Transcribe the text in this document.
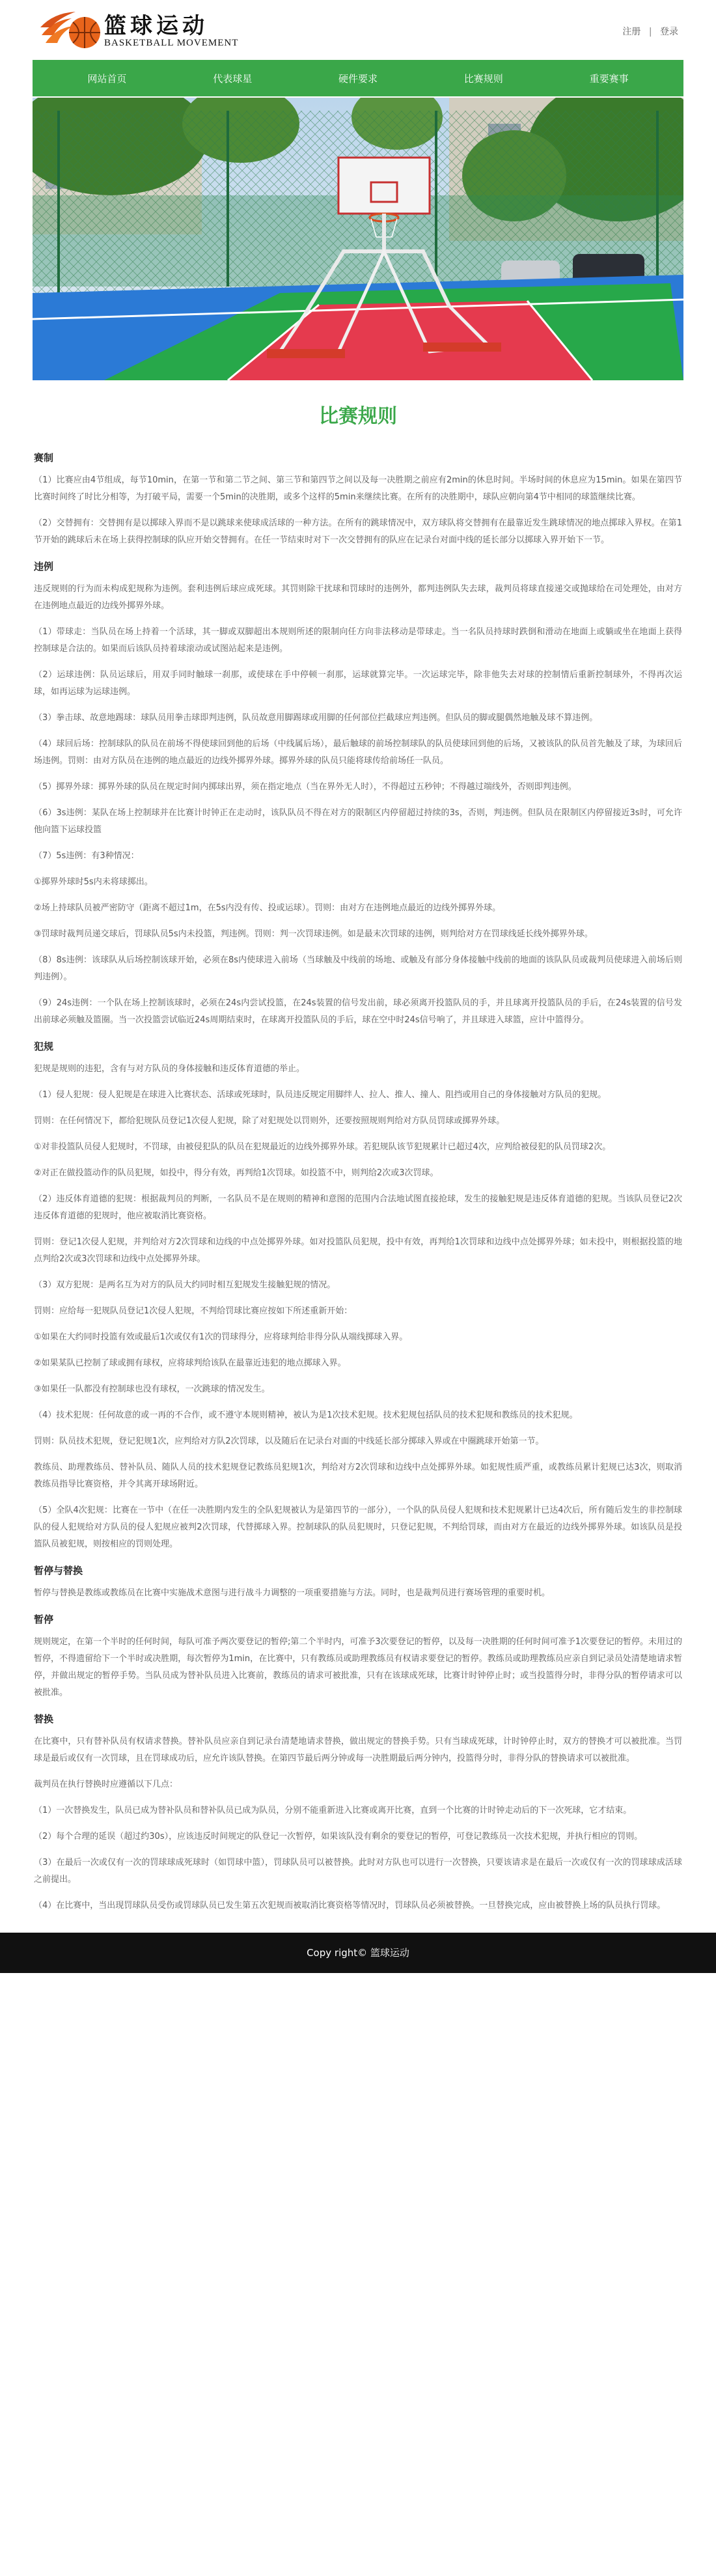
篮球运动
BASKETBALL MOVEMENT
注册 | 登录
网站首页	代表球星	硬件要求	比赛规则	重要赛事
比赛规则
赛制

（1）比赛应由4节组成，每节10min，在第一节和第二节之间、第三节和第四节之间以及每一决胜期之前应有2min的休息时间。半场时间的休息应为15min。如果在第四节比赛时间终了时比分相等，为打破平局，需要一个5min的决胜期，或多个这样的5min来继续比赛。在所有的决胜期中，球队应朝向第4节中相同的球篮继续比赛。

（2）交替拥有：交替拥有是以掷球入界而不是以跳球来使球成活球的一种方法。在所有的跳球情况中，双方球队将交替拥有在最靠近发生跳球情况的地点掷球入界权。在第1节开始的跳球后未在场上获得控制球的队应开始交替拥有。在任一节结束时对下一次交替拥有的队应在记录台对面中线的延长部分以掷球入界开始下一节。

违例

违反规则的行为而未构成犯规称为违例。套利违例后球应成死球。其罚则除干扰球和罚球时的违例外，都判违例队失去球，裁判员将球直接递交或抛球给在司处理处，由对方在违例地点最近的边线外掷界外球。

（1）带球走：当队员在场上持着一个活球，其一脚或双脚超出本规则所述的限制向任方向非法移动是带球走。当一名队员持球时跌倒和滑动在地面上或躺或坐在地面上获得控制球是合法的。如果而后该队员持着球滚动或试图站起来是违例。

（2）运球违例：队员运球后，用双手同时触球一刹那，或使球在手中停顿一刹那，运球就算完毕。一次运球完毕，除非他失去对球的控制情后重新控制球外，不得再次运球，如再运球为运球违例。

（3）拳击球、故意地踢球：球队员用拳击球即判违例，队员故意用脚踢球或用脚的任何部位拦截球应判违例。但队员的脚或腿偶然地触及球不算违例。

（4）球回后场：控制球队的队员在前场不得使球回到他的后场（中线属后场），最后触球的前场控制球队的队员使球回到他的后场，又被该队的队员首先触及了球，为球回后场违例。罚则：由对方队员在违例的地点最近的边线外掷界外球。掷界外球的队员只能将球传给前场任一队员。

（5）掷界外球：掷界外球的队员在规定时间内掷球出界，须在指定地点（当在界外无人时），不得超过五秒钟；不得越过端线外，否则即判违例。

（6）3s违例：某队在场上控制球并在比赛计时钟正在走动时，该队队员不得在对方的限制区内停留超过持续的3s，否则，判违例。但队员在限制区内停留接近3s时，可允许他向篮下运球投篮

（7）5s违例：有3种情况：

①掷界外球时5s内未将球掷出。

②场上持球队员被严密防守（距离不超过1m，在5s内没有传、投或运球）。罚则：由对方在违例地点最近的边线外掷界外球。

③罚球时裁判员递交球后，罚球队员5s内未投篮，判违例。罚则：判一次罚球违例。如是最末次罚球的违例，则判给对方在罚球线延长线外掷界外球。

（8）8s违例：该球队从后场控制该球开始，必须在8s内使球进入前场（当球触及中线前的场地、或触及有部分身体接触中线前的地面的该队队员或裁判员使球进入前场后则判违例）。

（9）24s违例：一个队在场上控制该球时，必须在24s内尝试投篮，在24s装置的信号发出前，球必须离开投篮队员的手，并且球离开投篮队员的手后，在24s装置的信号发出前球必须触及篮圈。当一次投篮尝试临近24s周期结束时，在球离开投篮队员的手后，球在空中时24s信号响了，并且球进入球篮，应计中篮得分。

犯规

犯规是规则的违犯，含有与对方队员的身体接触和违反体育道德的举止。

（1）侵人犯规：侵人犯规是在球进入比赛状态、活球或死球时，队员违反规定用脚绊人、拉人、推人、撞人、阻挡或用自己的身体接触对方队员的犯规。

罚则：在任何情况下，都给犯规队员登记1次侵人犯规，除了对犯规处以罚则外，还要按照规则判给对方队员罚球或掷界外球。

①对非投篮队员侵人犯规时，不罚球，由被侵犯队的队员在犯规最近的边线外掷界外球。若犯规队该节犯规累计已超过4次，应判给被侵犯的队员罚球2次。

②对正在做投篮动作的队员犯规，如投中，得分有效，再判给1次罚球。如投篮不中，则判给2次或3次罚球。

（2）违反体育道德的犯规：根据裁判员的判断，一名队员不是在规则的精神和意图的范围内合法地试图直接抢球，发生的接触犯规是违反体育道德的犯规。当该队员登记2次违反体育道德的犯规时，他应被取消比赛资格。

罚则：登记1次侵人犯规，并判给对方2次罚球和边线的中点处掷界外球。如对投篮队员犯规，投中有效，再判给1次罚球和边线中点处掷界外球；如未投中，则根据投篮的地点判给2次或3次罚球和边线中点处掷界外球。

（3）双方犯规：是两名互为对方的队员大约同时相互犯规发生接触犯规的情况。

罚则：应给每一犯规队员登记1次侵人犯规，不判给罚球比赛应按如下所述重新开始：

①如果在大约同时投篮有效或最后1次或仅有1次的罚球得分，应将球判给非得分队从端线掷球入界。

②如果某队已控制了球或拥有球权，应将球判给该队在最靠近违犯的地点掷球入界。

③如果任一队都没有控制球也没有球权，一次跳球的情况发生。

（4）技术犯规：任何故意的或一再的不合作，或不遵守本规则精神，被认为是1次技术犯规。技术犯规包括队员的技术犯规和教练员的技术犯规。

罚则：队员技术犯规，登记犯规1次，应判给对方队2次罚球，以及随后在记录台对面的中线延长部分掷球入界或在中圈跳球开始第一节。

教练员、助理教练员、替补队员、随队人员的技术犯规登记教练员犯规1次，判给对方2次罚球和边线中点处掷界外球。如犯规性质严重，或教练员累计犯规已达3次，则取消教练员指导比赛资格，并令其离开球场附近。

（5）全队4次犯规：比赛在一节中（在任一决胜期内发生的全队犯规被认为是第四节的一部分），一个队的队员侵人犯规和技术犯规累计已达4次后，所有随后发生的非控制球队的侵人犯规给对方队员的侵人犯规应被判2次罚球，代替掷球入界。控制球队的队员犯规时，只登记犯规，不判给罚球，而由对方在最近的边线外掷界外球。如该队员是投篮队员被犯规，则按相应的罚则处理。

暂停与替换

暂停与替换是教练或教练员在比赛中实施战术意图与进行战斗力调整的一项重要措施与方法。同时，也是裁判员进行赛场管理的重要时机。

暂停

规则规定，在第一个半时的任何时间，每队可准予两次要登记的暂停;第二个半时内，可准予3次要登记的暂停，以及每一决胜期的任何时间可准予1次要登记的暂停。未用过的暂停，不得遗留给下一个半时或决胜期，每次暂停为1min，在比赛中，只有教练员或助理教练员有权请求要登记的暂停。教练员或助理教练员应亲自到记录员处清楚地请求暂停，并做出规定的暂停手势。当队员成为替补队员进入比赛前，教练员的请求可被批准，只有在该球成死球，比赛计时钟停止时；或当投篮得分时，非得分队的暂停请求可以被批准。

替换

在比赛中，只有替补队员有权请求替换。替补队员应亲自到记录台清楚地请求替换，做出规定的替换手势。只有当球成死球，计时钟停止时，双方的替换才可以被批准。当罚球是最后或仅有一次罚球，且在罚球成功后，应允许该队替换。在第四节最后两分钟或每一决胜期最后两分钟内，投篮得分时，非得分队的替换请求可以被批准。

裁判员在执行替换时应遵循以下几点：

（1）一次替换发生，队员已成为替补队员和替补队员已成为队员，分别不能重新进入比赛或离开比赛，直到一个比赛的计时钟走动后的下一次死球，它才结束。

（2）每个合理的延误（超过约30s），应该违反时间规定的队登记一次暂停，如果该队没有剩余的要登记的暂停，可登记教练员一次技术犯规，并执行相应的罚则。

（3）在最后一次或仅有一次的罚球球成死球时（如罚球中篮），罚球队员可以被替换。此时对方队也可以进行一次替换，只要该请求是在最后一次或仅有一次的罚球球成活球之前提出。

（4）在比赛中，当出现罚球队员受伤或罚球队员已发生第五次犯规而被取消比赛资格等情况时，罚球队员必须被替换。一旦替换完成，应由被替换上场的队员执行罚球。

Copy right© 篮球运动
